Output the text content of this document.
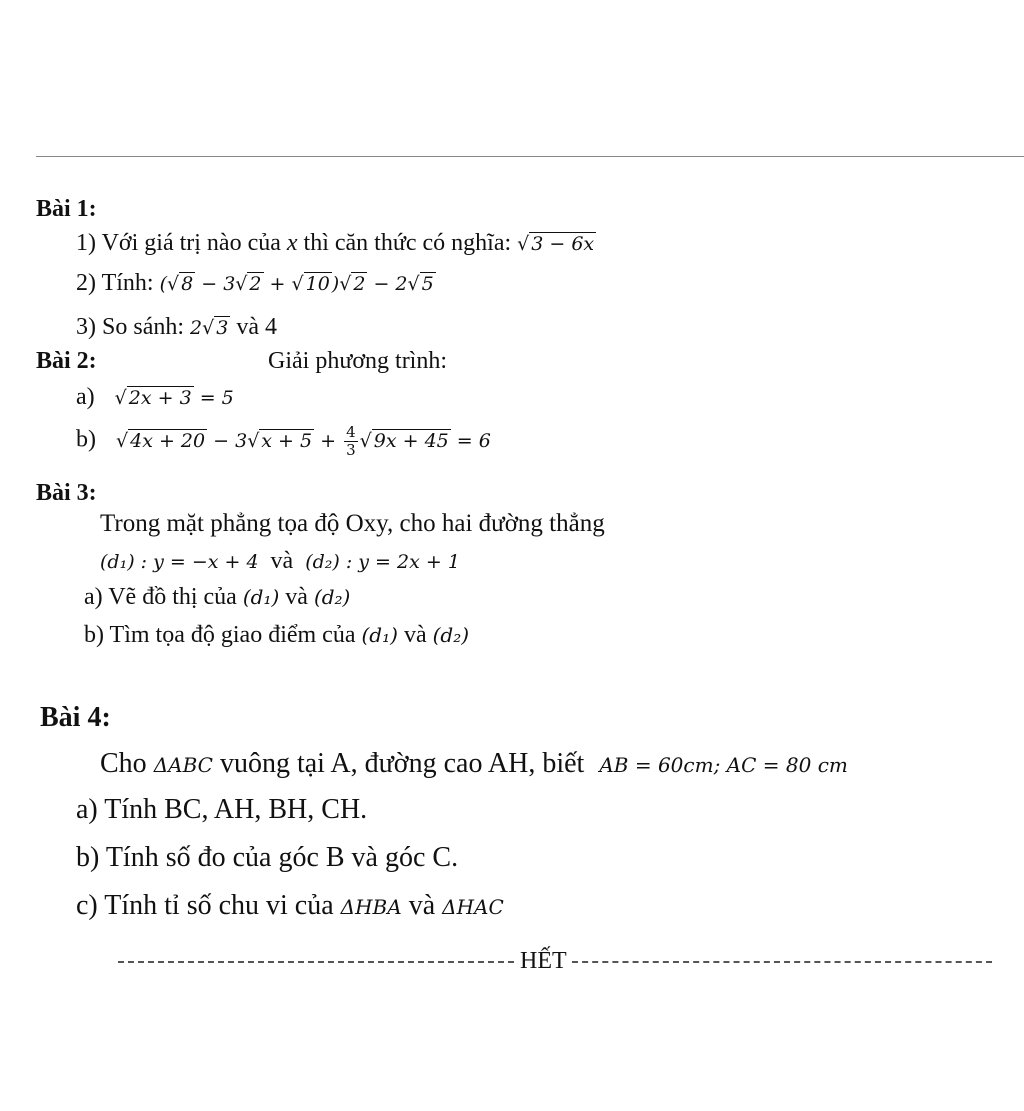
Bài 1:
1) Với giá trị nào của x thì căn thức có nghĩa: √ 3 − 6x
2) Tính: (√ 8 − 3√ 2 + √ 10 )√ 2 − 2√ 5
3) So sánh: 2√ 3 và 4
Bài 2:	Giải phương trình:
a) √ 2x + 3 = 5
b) √ 4x + 20 − 3√ $x + 5 + \frac{4}{3}$ √ 9x + 45 = 6
Bài 3:
Trong mặt phẳng tọa độ Oxy, cho hai đường thẳng
(d₁) : y = −x + 4 và (d₂) : y = 2x + 1
a) Vẽ đồ thị của (d₁) và (d₂)
b) Tìm tọa độ giao điểm của (d₁) và (d₂)
Bài 4:
Cho ΔABC vuông tại A, đường cao AH, biết AB = 60cm; AC = 80 cm
a) Tính BC, AH, BH, CH.
b) Tính số đo của góc B và góc C.
c) Tính tỉ số chu vi của ΔHBA và ΔHAC
HẾT
